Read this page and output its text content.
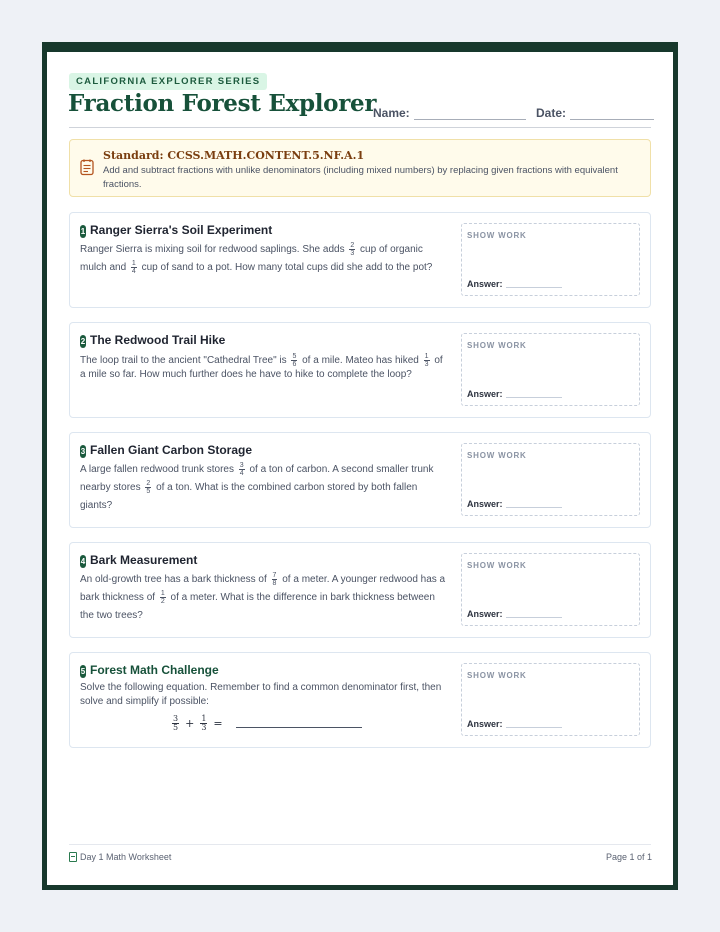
CALIFORNIA EXPLORER SERIES
Fraction Forest Explorer
Name:	Date:
Standard: CCSS.MATH.CONTENT.5.NF.A.1
Add and subtract fractions with unlike denominators (including mixed numbers) by replacing given fractions with equivalent fractions.
1 Ranger Sierra's Soil Experiment
Ranger Sierra is mixing soil for redwood saplings. She adds $\frac{2}{3}$ cup of organic mulch and $\frac{1}{4}$ cup of sand to a pot. How many total cups did she add to the pot?
SHOW WORK
Answer:
2 The Redwood Trail Hike
The loop trail to the ancient "Cathedral Tree" is $\frac{5}{6}$ of a mile. Mateo has hiked $\frac{1}{3}$ of a mile so far. How much further does he have to hike to complete the loop?
SHOW WORK
Answer:
3 Fallen Giant Carbon Storage
A large fallen redwood trunk stores $\frac{3}{4}$ of a ton of carbon. A second smaller trunk nearby stores $\frac{2}{5}$ of a ton. What is the combined carbon stored by both fallen giants?
SHOW WORK
Answer:
4 Bark Measurement
An old-growth tree has a bark thickness of $\frac{7}{8}$ of a meter. A younger redwood has a bark thickness of $\frac{1}{2}$ of a meter. What is the difference in bark thickness between the two trees?
SHOW WORK
Answer:
5 Forest Math Challenge
Solve the following equation. Remember to find a common denominator first, then solve and simplify if possible:
$\frac{3}{5} + \frac{1}{3}$ =
SHOW WORK
Answer:
Day 1 Math Worksheet	Page 1 of 1
